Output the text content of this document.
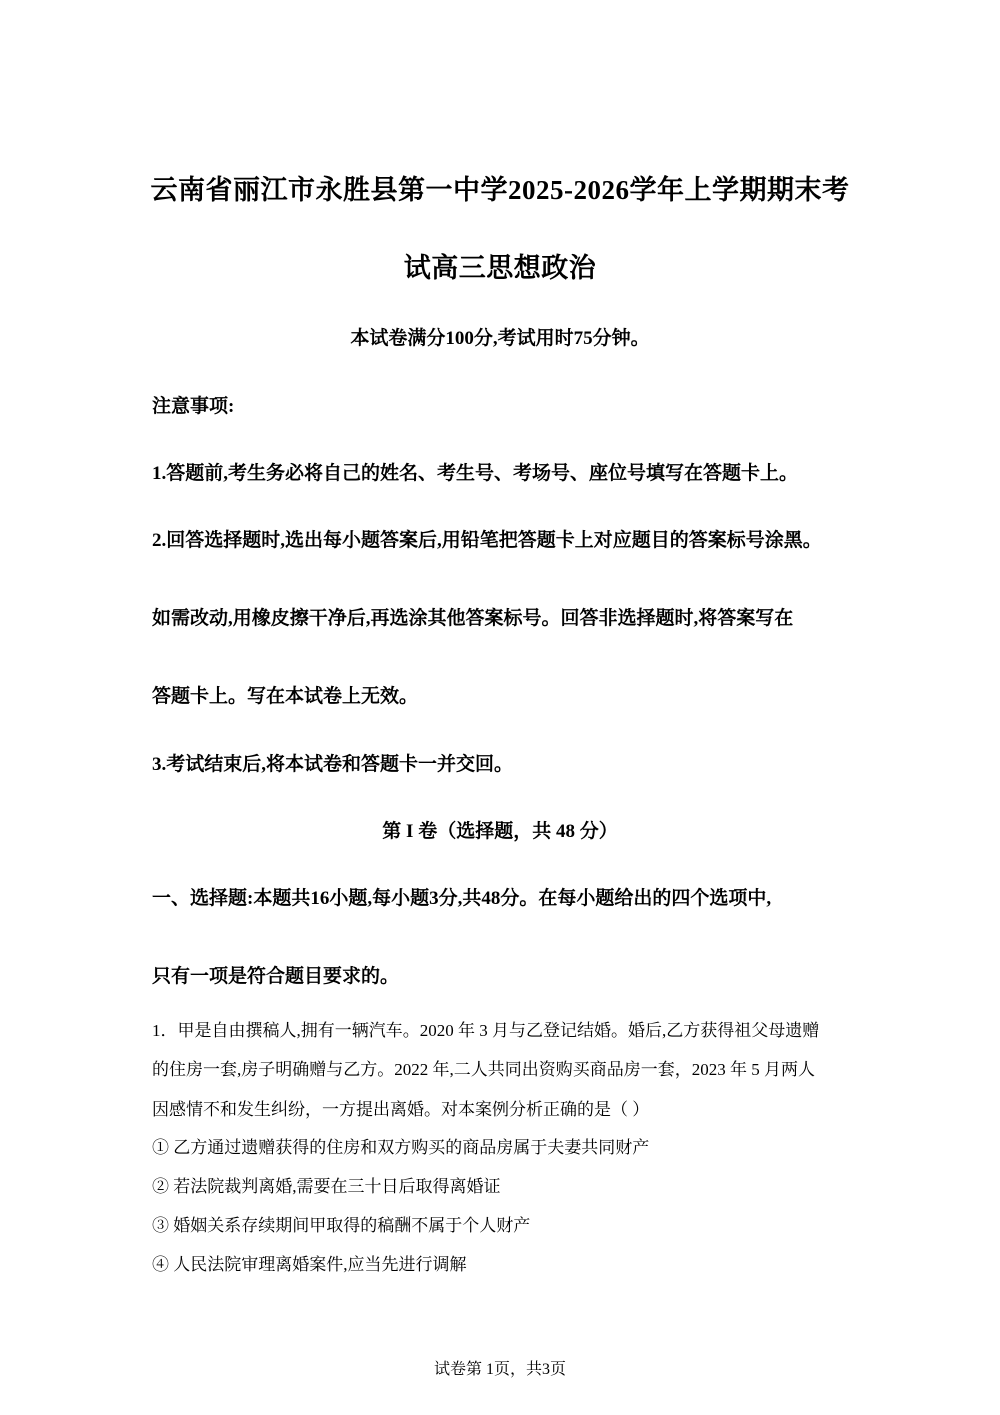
云南省丽江市永胜县第一中学2025-2026学年上学期期末考
试高三思想政治
本试卷满分100分,考试用时75分钟。
注意事项:
1.答题前,考生务必将自己的姓名、考生号、考场号、座位号填写在答题卡上。
2.回答选择题时,选出每小题答案后,用铅笔把答题卡上对应题目的答案标号涂黑。
如需改动,用橡皮擦干净后,再选涂其他答案标号。回答非选择题时,将答案写在
答题卡上。写在本试卷上无效。
3.考试结束后,将本试卷和答题卡一并交回。
第 I 卷（选择题，共 48 分）
一、选择题:本题共16小题,每小题3分,共48分。在每小题给出的四个选项中,
只有一项是符合题目要求的。
1．甲是自由撰稿人,拥有一辆汽车。2020 年 3 月与乙登记结婚。婚后,乙方获得祖父母遗赠
的住房一套,房子明确赠与乙方。2022 年,二人共同出资购买商品房一套，2023 年 5 月两人
因感情不和发生纠纷，一方提出离婚。对本案例分析正确的是（ ）
① 乙方通过遗赠获得的住房和双方购买的商品房属于夫妻共同财产
② 若法院裁判离婚,需要在三十日后取得离婚证
③ 婚姻关系存续期间甲取得的稿酬不属于个人财产
④ 人民法院审理离婚案件,应当先进行调解
试卷第 1页，共3页
